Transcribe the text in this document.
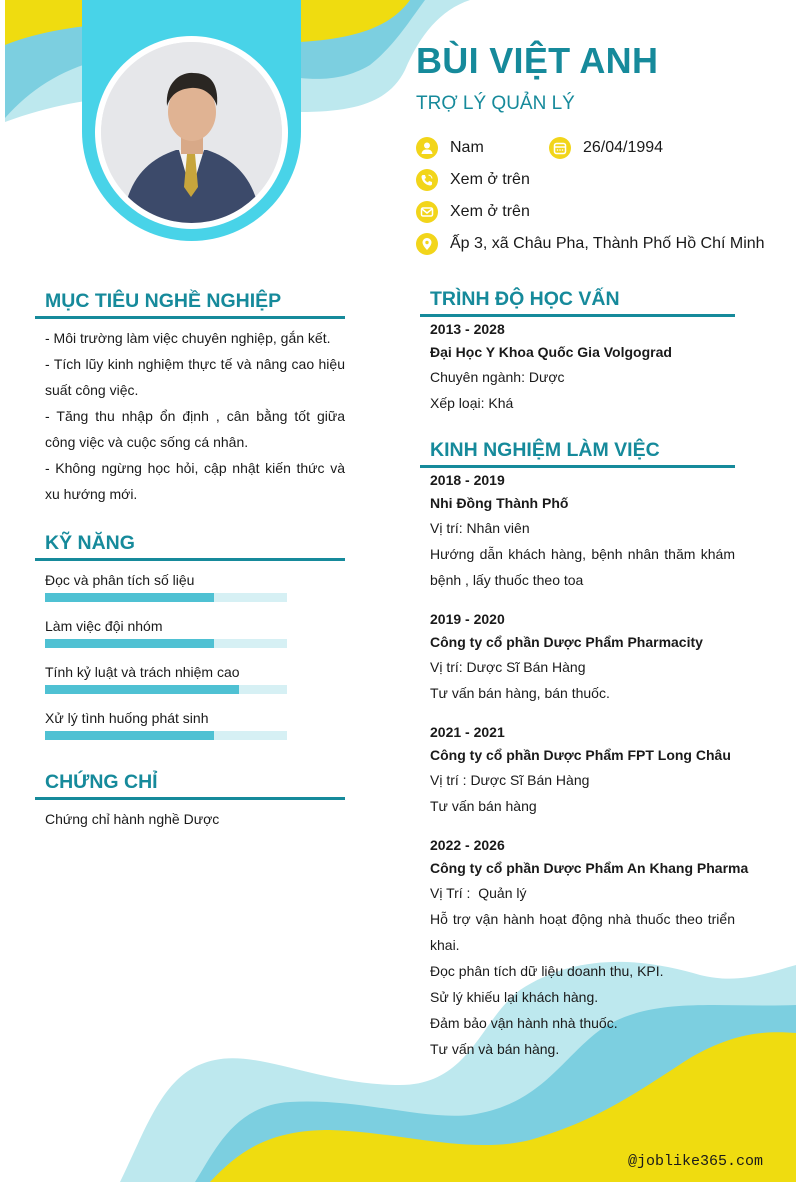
BÙI VIỆT ANH
TRỢ LÝ QUẢN LÝ
Nam	26/04/1994
Xem ở trên
Xem ở trên
Ấp 3, xã Châu Pha, Thành Phố Hồ Chí Minh
MỤC TIÊU NGHỀ NGHIỆP
- Môi trường làm việc chuyên nghiệp, gắn kết.
- Tích lũy kinh nghiệm thực tế và nâng cao hiệu suất công việc.
- Tăng thu nhập ổn định , cân bằng tốt giữa công việc và cuộc sống cá nhân.
- Không ngừng học hỏi, cập nhật kiến thức và xu hướng mới.
KỸ NĂNG
Đọc và phân tích số liệu
Làm việc đội nhóm
Tính kỷ luật và trách nhiệm cao
Xử lý tình huống phát sinh
CHỨNG CHỈ
Chứng chỉ hành nghề Dược
TRÌNH ĐỘ HỌC VẤN
2013 - 2028
Đại Học Y Khoa Quốc Gia Volgograd
Chuyên ngành: Dược
Xếp loại: Khá
KINH NGHIỆM LÀM VIỆC
2018 - 2019
Nhi Đồng Thành Phố
Vị trí: Nhân viên
Hướng dẫn khách hàng, bệnh nhân thăm khám bệnh , lấy thuốc theo toa
2019 - 2020
Công ty cổ phần Dược Phẩm Pharmacity
Vị trí: Dược Sĩ Bán Hàng
Tư vấn bán hàng, bán thuốc.
2021 - 2021
Công ty cổ phần Dược Phẩm FPT Long Châu
Vị trí : Dược Sĩ Bán Hàng
Tư vấn bán hàng
2022 - 2026
Công ty cổ phần Dược Phẩm An Khang Pharma
Vị Trí :  Quản lý
Hỗ trợ vận hành hoạt động nhà thuốc theo triển khai.
Đọc phân tích dữ liệu doanh thu, KPI.
Sử lý khiếu lại khách hàng.
Đảm bảo vận hành nhà thuốc.
Tư vấn và bán hàng.
@joblike365.com
